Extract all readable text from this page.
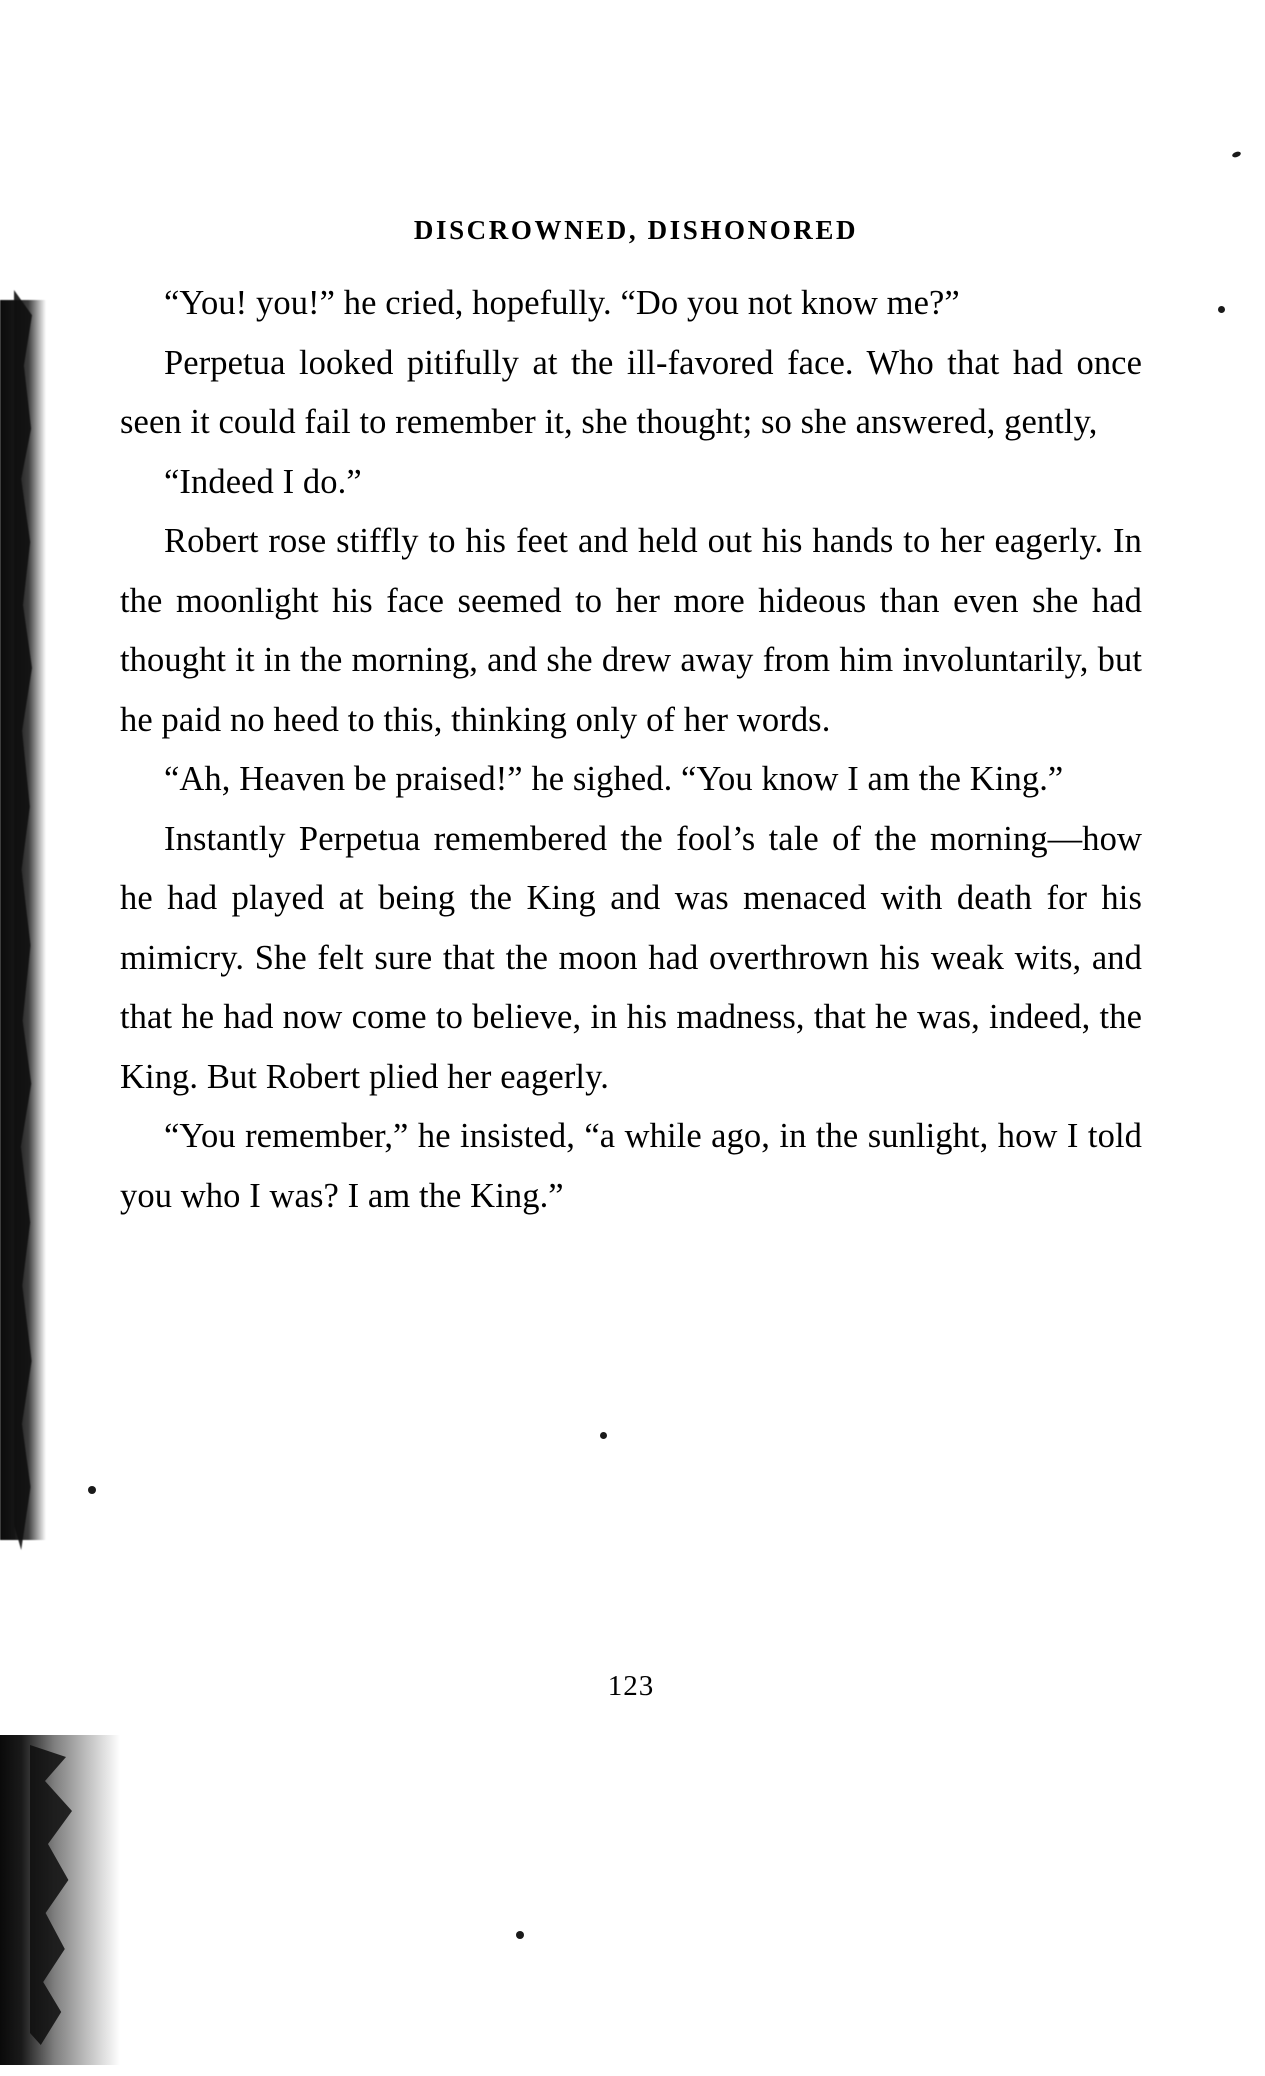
DISCROWNED, DISHONORED

“You! you!” he cried, hopefully. “Do you not know me?”

Perpetua looked pitifully at the ill-favored face. Who that had once seen it could fail to remember it, she thought; so she answered, gently,

“Indeed I do.”

Robert rose stiffly to his feet and held out his hands to her eagerly. In the moonlight his face seemed to her more hideous than even she had thought it in the morning, and she drew away from him involuntarily, but he paid no heed to this, thinking only of her words.

“Ah, Heaven be praised!” he sighed. “You know I am the King.”

Instantly Perpetua remembered the fool’s tale of the morning—how he had played at being the King and was menaced with death for his mimicry. She felt sure that the moon had overthrown his weak wits, and that he had now come to believe, in his madness, that he was, indeed, the King. But Robert plied her eagerly.

“You remember,” he insisted, “a while ago, in the sunlight, how I told you who I was? I am the King.”

123
